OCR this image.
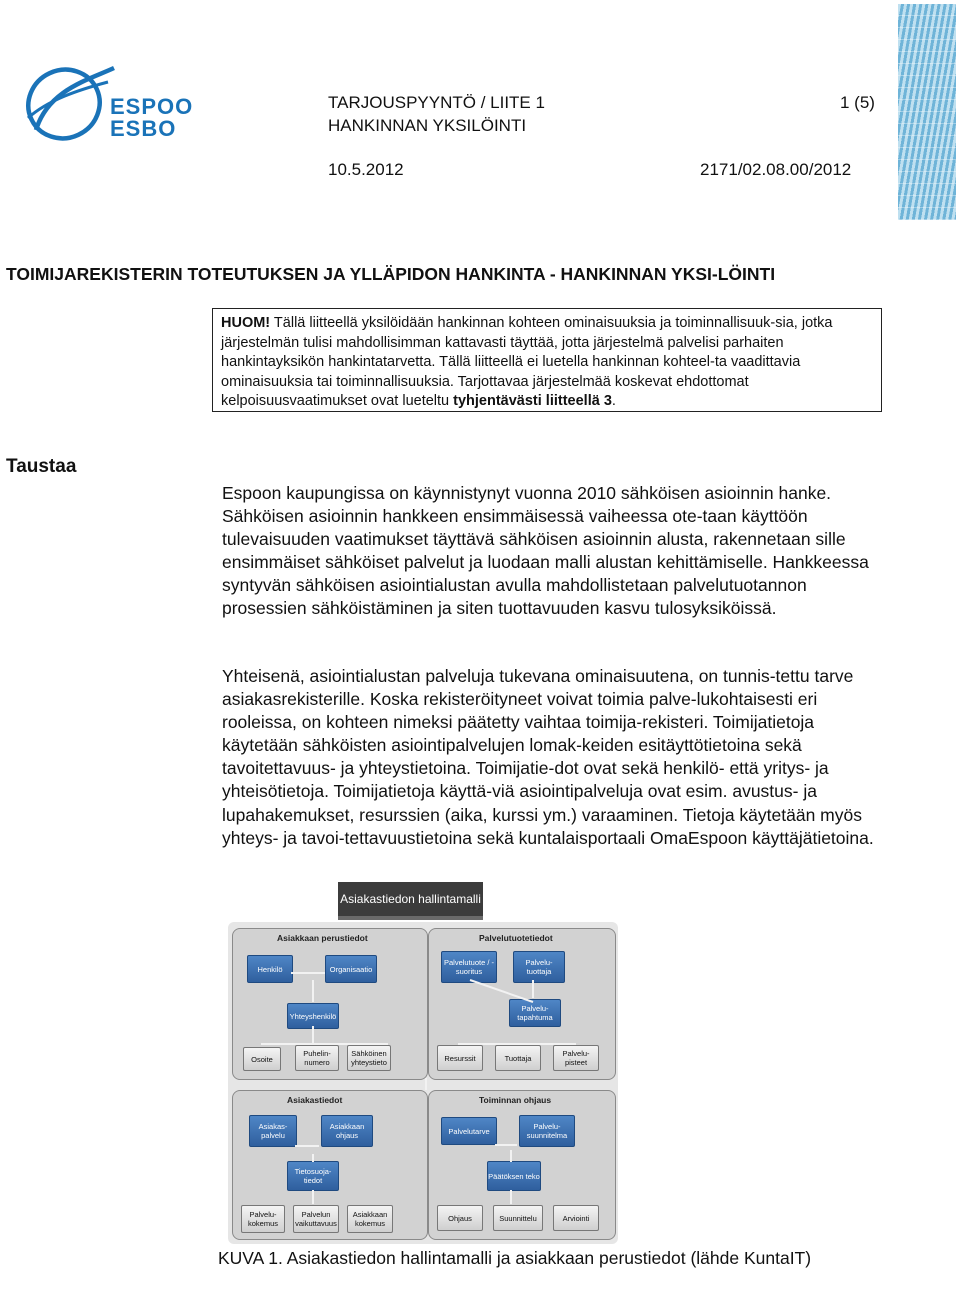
ESPOO
ESBO
TARJOUSPYYNTÖ / LIITE 1
HANKINNAN YKSILÖINTI
1 (5)
10.5.2012	2171/02.08.00/2012
TOIMIJAREKISTERIN TOTEUTUKSEN JA YLLÄPIDON HANKINTA - HANKINNAN YKSI-LÖINTI
HUOM! Tällä liitteellä yksilöidään hankinnan kohteen ominaisuuksia ja toiminnallisuuk-sia, jotka järjestelmän tulisi mahdollisimman kattavasti täyttää, jotta järjestelmä palvelisi parhaiten hankintayksikön hankintatarvetta. Tällä liitteellä ei luetella hankinnan kohteel-ta vaadittavia ominaisuuksia tai toiminnallisuuksia. Tarjottavaa järjestelmää koskevat ehdottomat kelpoisuusvaatimukset ovat lueteltu tyhjentävästi liitteellä 3.
Taustaa
Espoon kaupungissa on käynnistynyt vuonna 2010 sähköisen asioinnin hanke. Sähköisen asioinnin hankkeen ensimmäisessä vaiheessa ote-taan käyttöön tulevaisuuden vaatimukset täyttävä sähköisen asioinnin alusta, rakennetaan sille ensimmäiset sähköiset palvelut ja luodaan malli alustan kehittämiselle. Hankkeessa syntyvän sähköisen asiointialustan avulla mahdollistetaan palvelutuotannon prosessien sähköistäminen ja siten tuottavuuden kasvu tulosyksiköissä.
Yhteisenä, asiointialustan palveluja tukevana ominaisuutena, on tunnis-tettu tarve asiakasrekisterille. Koska rekisteröityneet voivat toimia palve-lukohtaisesti eri rooleissa, on kohteen nimeksi päätetty vaihtaa toimija-rekisteri. Toimijatietoja käytetään sähköisten asiointipalvelujen lomak-keiden esitäyttötietoina sekä tavoitettavuus- ja yhteystietoina. Toimijatie-dot ovat sekä henkilö- että yritys- ja yhteisötietoja. Toimijatietoja käyttä-viä asiointipalveluja ovat esim. avustus- ja lupahakemukset, resurssien (aika, kurssi ym.) varaaminen. Tietoja käytetään myös yhteys- ja tavoi-tettavuustietoina sekä kuntalaisportaali OmaEspoon käyttäjätietoina.
Asiakastiedon hallintamalli
Asiakkaan perustiedot
Henkilö	Organisaatio
Yhteyshenkilö
Osoite
Puhelin-numero
Sähköinen yhteystieto
Palvelutuotetiedot
Palvelutuote / -suoritus
Palvelu-tuottaja
Palvelu-tapahtuma
Resurssit	Tuottaja	Palvelu-pisteet
Asiakastiedot
Asiakas-palvelu
Asiakkaan ohjaus
Tietosuoja-tiedot
Palvelu-kokemus
Palvelun vaikuttavuus
Asiakkaan kokemus
Toiminnan ohjaus
Palvelutarve	Palvelu-suunnitelma
Päätöksen teko
Ohjaus	Suunnittelu	Arviointi
KUVA 1. Asiakastiedon hallintamalli ja asiakkaan perustiedot (lähde KuntaIT)
